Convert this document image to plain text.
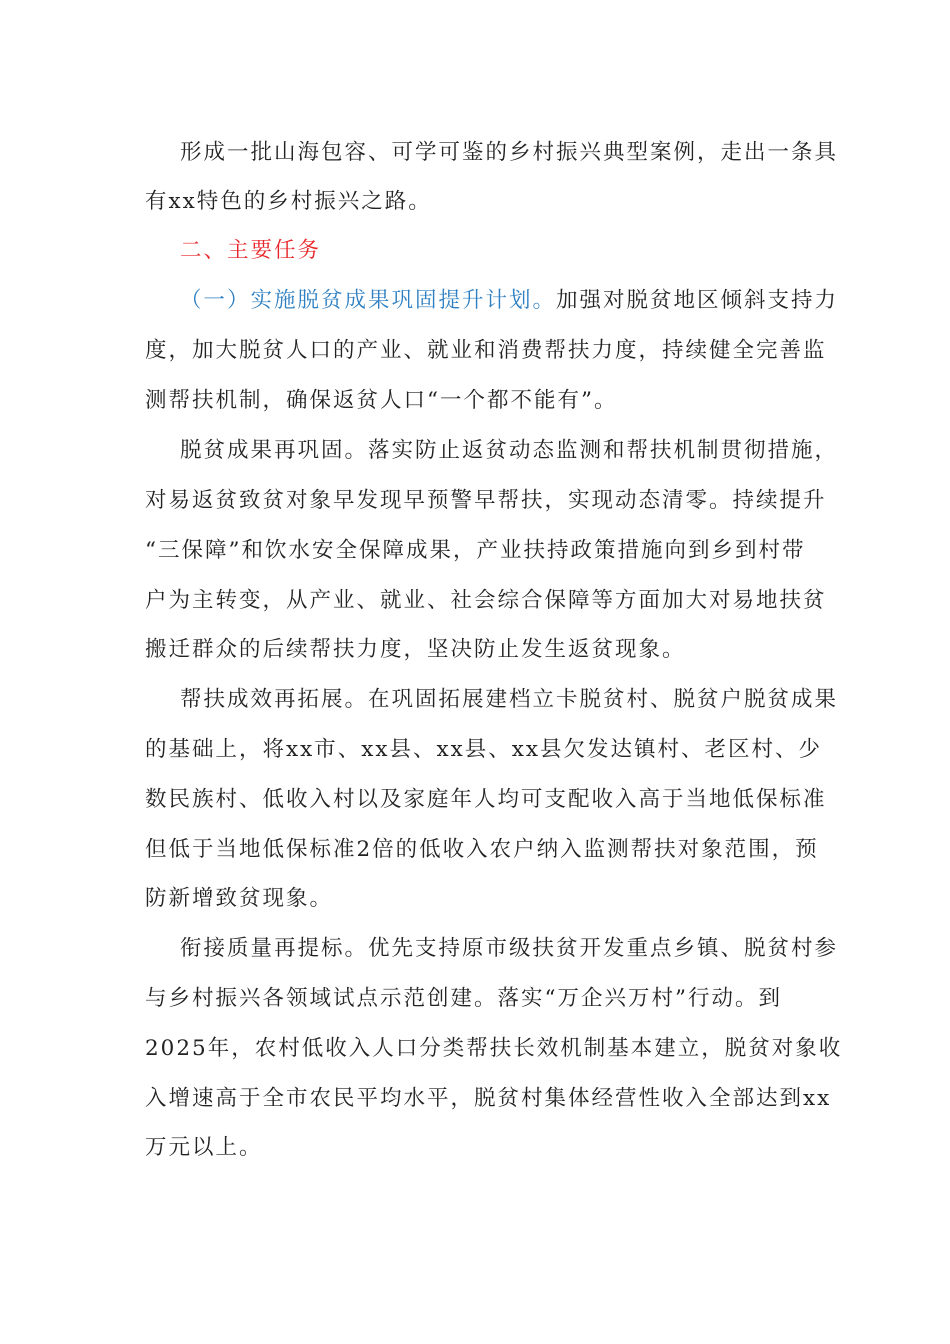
形成一批山海包容、可学可鉴的乡村振兴典型案例，走出一条具
有xx特色的乡村振兴之路。
二、主要任务
（一）实施脱贫成果巩固提升计划。加强对脱贫地区倾斜支持力
度，加大脱贫人口的产业、就业和消费帮扶力度，持续健全完善监
测帮扶机制，确保返贫人口“一个都不能有”。
脱贫成果再巩固。落实防止返贫动态监测和帮扶机制贯彻措施，
对易返贫致贫对象早发现早预警早帮扶，实现动态清零。持续提升
“三保障”和饮水安全保障成果，产业扶持政策措施向到乡到村带
户为主转变，从产业、就业、社会综合保障等方面加大对易地扶贫
搬迁群众的后续帮扶力度，坚决防止发生返贫现象。
帮扶成效再拓展。在巩固拓展建档立卡脱贫村、脱贫户脱贫成果
的基础上，将xx市、xx县、xx县、xx县欠发达镇村、老区村、少
数民族村、低收入村以及家庭年人均可支配收入高于当地低保标准
但低于当地低保标准2倍的低收入农户纳入监测帮扶对象范围，预
防新增致贫现象。
衔接质量再提标。优先支持原市级扶贫开发重点乡镇、脱贫村参
与乡村振兴各领域试点示范创建。落实“万企兴万村”行动。到
2025年，农村低收入人口分类帮扶长效机制基本建立，脱贫对象收
入增速高于全市农民平均水平，脱贫村集体经营性收入全部达到xx
万元以上。
